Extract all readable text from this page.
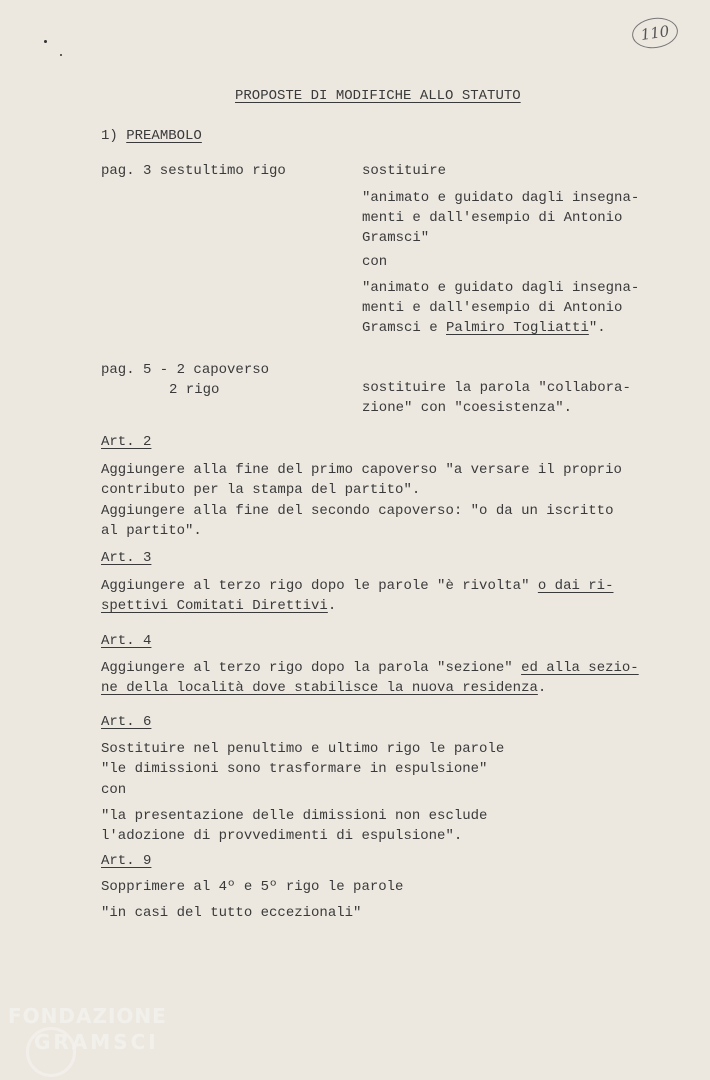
110
PROPOSTE DI MODIFICHE ALLO STATUTO
1) PREAMBOLO
pag. 3 sestultimo rigo	sostituire
"animato e guidato dagli insegna-
menti e dall'esempio di Antonio
Gramsci"
con
"animato e guidato dagli insegna-
menti e dall'esempio di Antonio
Gramsci e Palmiro Togliatti".
pag. 5 - 2 capoverso
2 rigo	sostituire la parola "collabora-
zione" con "coesistenza".
Art. 2
Aggiungere alla fine del primo capoverso "a versare il proprio
contributo per la stampa del partito".
Aggiungere alla fine del secondo capoverso: "o da un iscritto
al partito".
Art. 3
Aggiungere al terzo rigo dopo le parole "è rivolta" o dai ri-
spettivi Comitati Direttivi.
Art. 4
Aggiungere al terzo rigo dopo la parola "sezione" ed alla sezio-
ne della località dove stabilisce la nuova residenza.
Art. 6
Sostituire nel penultimo e ultimo rigo le parole
"le dimissioni sono trasformare in espulsione"
con
"la presentazione delle dimissioni non esclude
l'adozione di provvedimenti di espulsione".
Art. 9
Sopprimere al 4º e 5º rigo le parole
"in casi del tutto eccezionali"
FONDAZIONE
GRAMSCI
